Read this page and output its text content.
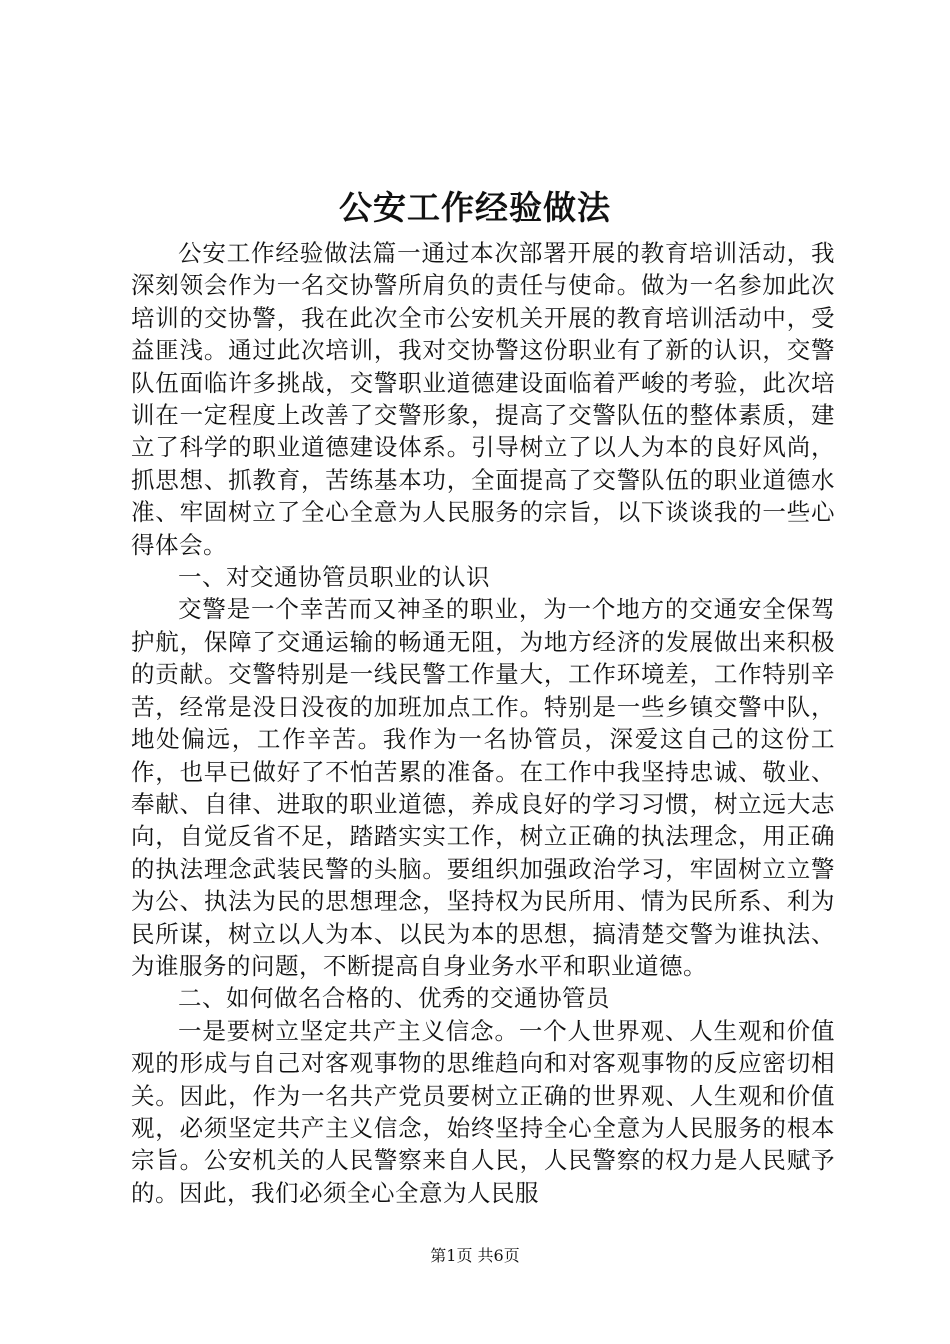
公安工作经验做法

公安工作经验做法篇一通过本次部署开展的教育培训活动，我深刻领会作为一名交协警所肩负的责任与使命。做为一名参加此次培训的交协警，我在此次全市公安机关开展的教育培训活动中，受益匪浅。通过此次培训，我对交协警这份职业有了新的认识，交警队伍面临许多挑战，交警职业道德建设面临着严峻的考验，此次培训在一定程度上改善了交警形象，提高了交警队伍的整体素质，建立了科学的职业道德建设体系。引导树立了以人为本的良好风尚，抓思想、抓教育，苦练基本功，全面提高了交警队伍的职业道德水准、牢固树立了全心全意为人民服务的宗旨，以下谈谈我的一些心得体会。

一、对交通协管员职业的认识

交警是一个幸苦而又神圣的职业，为一个地方的交通安全保驾护航，保障了交通运输的畅通无阻，为地方经济的发展做出来积极的贡献。交警特别是一线民警工作量大，工作环境差，工作特别辛苦，经常是没日没夜的加班加点工作。特别是一些乡镇交警中队，地处偏远，工作辛苦。我作为一名协管员，深爱这自己的这份工作，也早已做好了不怕苦累的准备。在工作中我坚持忠诚、敬业、奉献、自律、进取的职业道德，养成良好的学习习惯，树立远大志向，自觉反省不足，踏踏实实工作，树立正确的执法理念，用正确的执法理念武装民警的头脑。要组织加强政治学习，牢固树立立警为公、执法为民的思想理念，坚持权为民所用、情为民所系、利为民所谋，树立以人为本、以民为本的思想，搞清楚交警为谁执法、为谁服务的问题，不断提高自身业务水平和职业道德。

二、如何做名合格的、优秀的交通协管员

一是要树立坚定共产主义信念。一个人世界观、人生观和价值观的形成与自己对客观事物的思维趋向和对客观事物的反应密切相关。因此，作为一名共产党员要树立正确的世界观、人生观和价值观，必须坚定共产主义信念，始终坚持全心全意为人民服务的根本宗旨。公安机关的人民警察来自人民，人民警察的权力是人民赋予的。因此，我们必须全心全意为人民服

第1页 共6页
